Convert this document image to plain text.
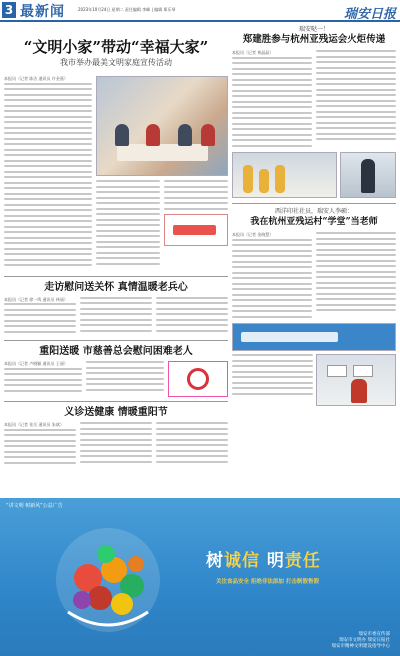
3 最新闻	2023年10月24日 星期二 责任编辑 李峰 | 编辑 郑乐琴	瑞安日报
“文明小家”带动“幸福大家”
我市举办最美文明家庭宣传活动
本报讯（记者 陈洁 通讯员 许金燕）
走访慰问送关怀 真情温暖老兵心
本报讯（记者 徐一鸣 通讯员 林丽）
重阳送暖 市慈善总会慰问困难老人
本报讯（记者 卢晓颖 通讯员 王丽）
义诊送健康 情暖重阳节
本报讯（记者 张岳 通讯员 朱斌）
瑞安哒一！
郑建胜参与杭州亚残运会火炬传递
本报讯（记者 黄晶晶）
西洋印社社员，瑞安人李硕：
我在杭州亚残运村“学堂”当老师
本报讯（记者 金晓慧）
“讲文明 树新风”公益广告
树诚信 明责任
关注食品安全 拒绝非法添加 打击制假售假
瑞安市委宣传部
瑞安市文明办 瑞安日报社
瑞安市精神文明建设指导中心
